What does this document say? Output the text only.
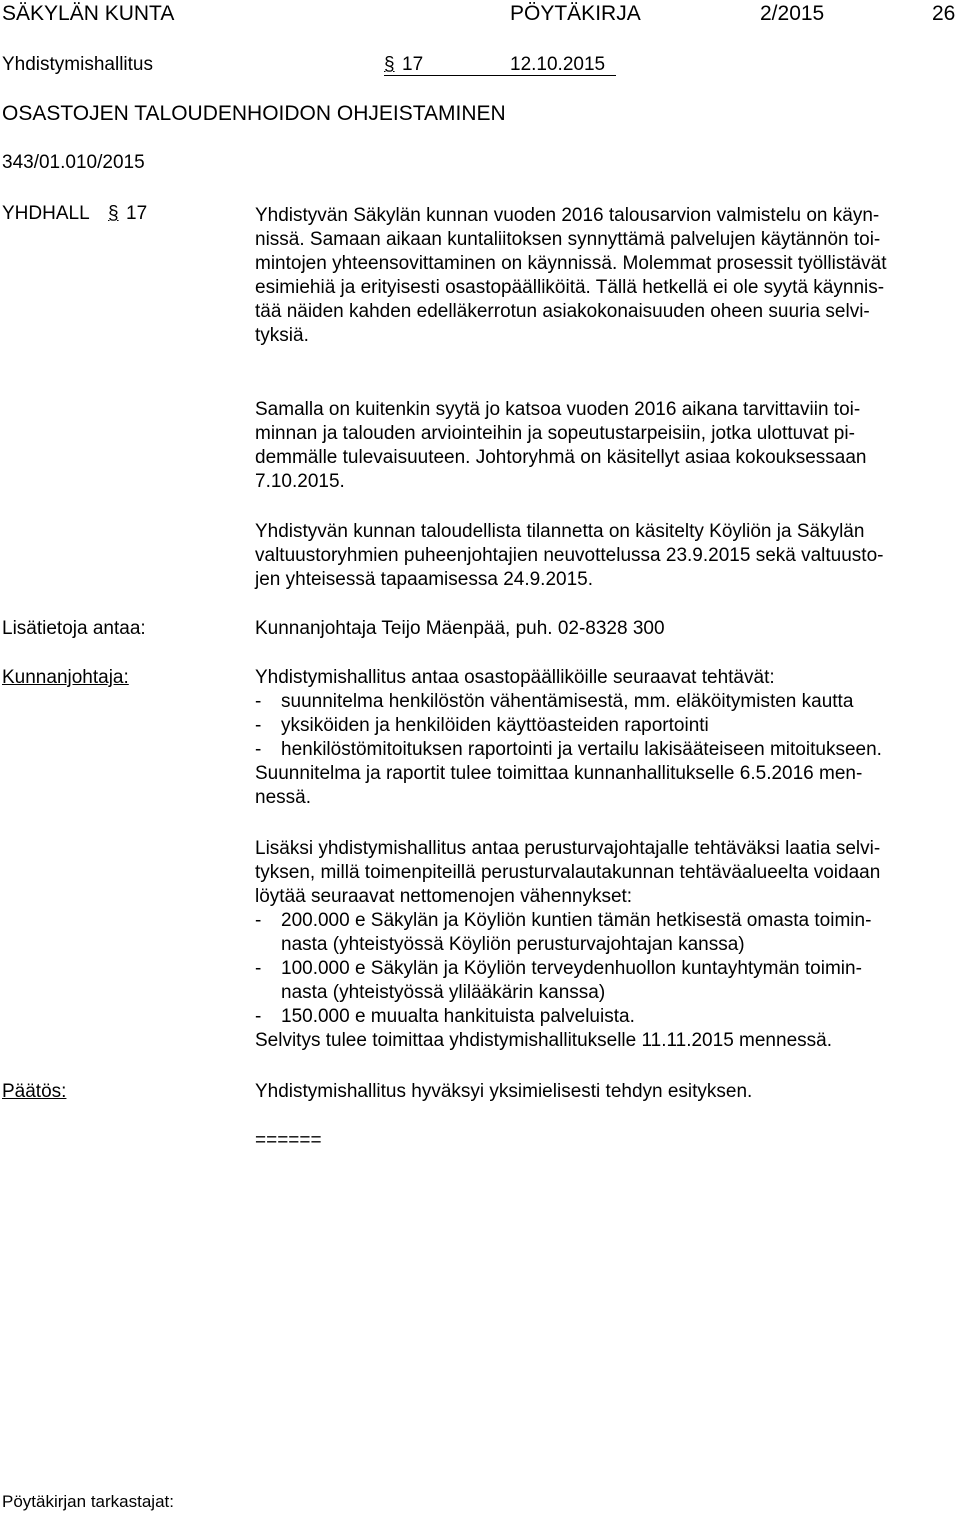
SÄKYLÄN KUNTA	PÖYTÄKIRJA	2/2015	26
Yhdistymishallitus	§ 17	12.10.2015
OSASTOJEN TALOUDENHOIDON OHJEISTAMINEN
343/01.010/2015
YHDHALL § 17	Yhdistyvän Säkylän kunnan vuoden 2016 talousarvion valmistelu on käyn-
nissä. Samaan aikaan kuntaliitoksen synnyttämä palvelujen käytännön toi-
mintojen yhteensovittaminen on käynnissä. Molemmat prosessit työllistävät
esimiehiä ja erityisesti osastopäälliköitä. Tällä hetkellä ei ole syytä käynnis-
tää näiden kahden edelläkerrotun asiakokonaisuuden oheen suuria selvi-
tyksiä.
Samalla on kuitenkin syytä jo katsoa vuoden 2016 aikana tarvittaviin toi-
minnan ja talouden arviointeihin ja sopeutustarpeisiin, jotka ulottuvat pi-
demmälle tulevaisuuteen. Johtoryhmä on käsitellyt asiaa kokouksessaan
7.10.2015.
Yhdistyvän kunnan taloudellista tilannetta on käsitelty Köyliön ja Säkylän
valtuustoryhmien puheenjohtajien neuvottelussa 23.9.2015 sekä valtuusto-
jen yhteisessä tapaamisessa 24.9.2015.
Lisätietoja antaa:	Kunnanjohtaja Teijo Mäenpää, puh. 02-8328 300
Kunnanjohtaja:	Yhdistymishallitus antaa osastopäälliköille seuraavat tehtävät:
- suunnitelma henkilöstön vähentämisestä, mm. eläköitymisten kautta
- yksiköiden ja henkilöiden käyttöasteiden raportointi
- henkilöstömitoituksen raportointi ja vertailu lakisääteiseen mitoitukseen.
Suunnitelma ja raportit tulee toimittaa kunnanhallitukselle 6.5.2016 men-
nessä.
Lisäksi yhdistymishallitus antaa perusturvajohtajalle tehtäväksi laatia selvi-
tyksen, millä toimenpiteillä perusturvalautakunnan tehtäväalueelta voidaan
löytää seuraavat nettomenojen vähennykset:
- 200.000 e Säkylän ja Köyliön kuntien tämän hetkisestä omasta toimin-
nasta (yhteistyössä Köyliön perusturvajohtajan kanssa)
- 100.000 e Säkylän ja Köyliön terveydenhuollon kuntayhtymän toimin-
nasta (yhteistyössä ylilääkärin kanssa)
- 150.000 e muualta hankituista palveluista.
Selvitys tulee toimittaa yhdistymishallitukselle 11.11.2015 mennessä.
Päätös:	Yhdistymishallitus hyväksyi yksimielisesti tehdyn esityksen.
======
Pöytäkirjan tarkastajat:
